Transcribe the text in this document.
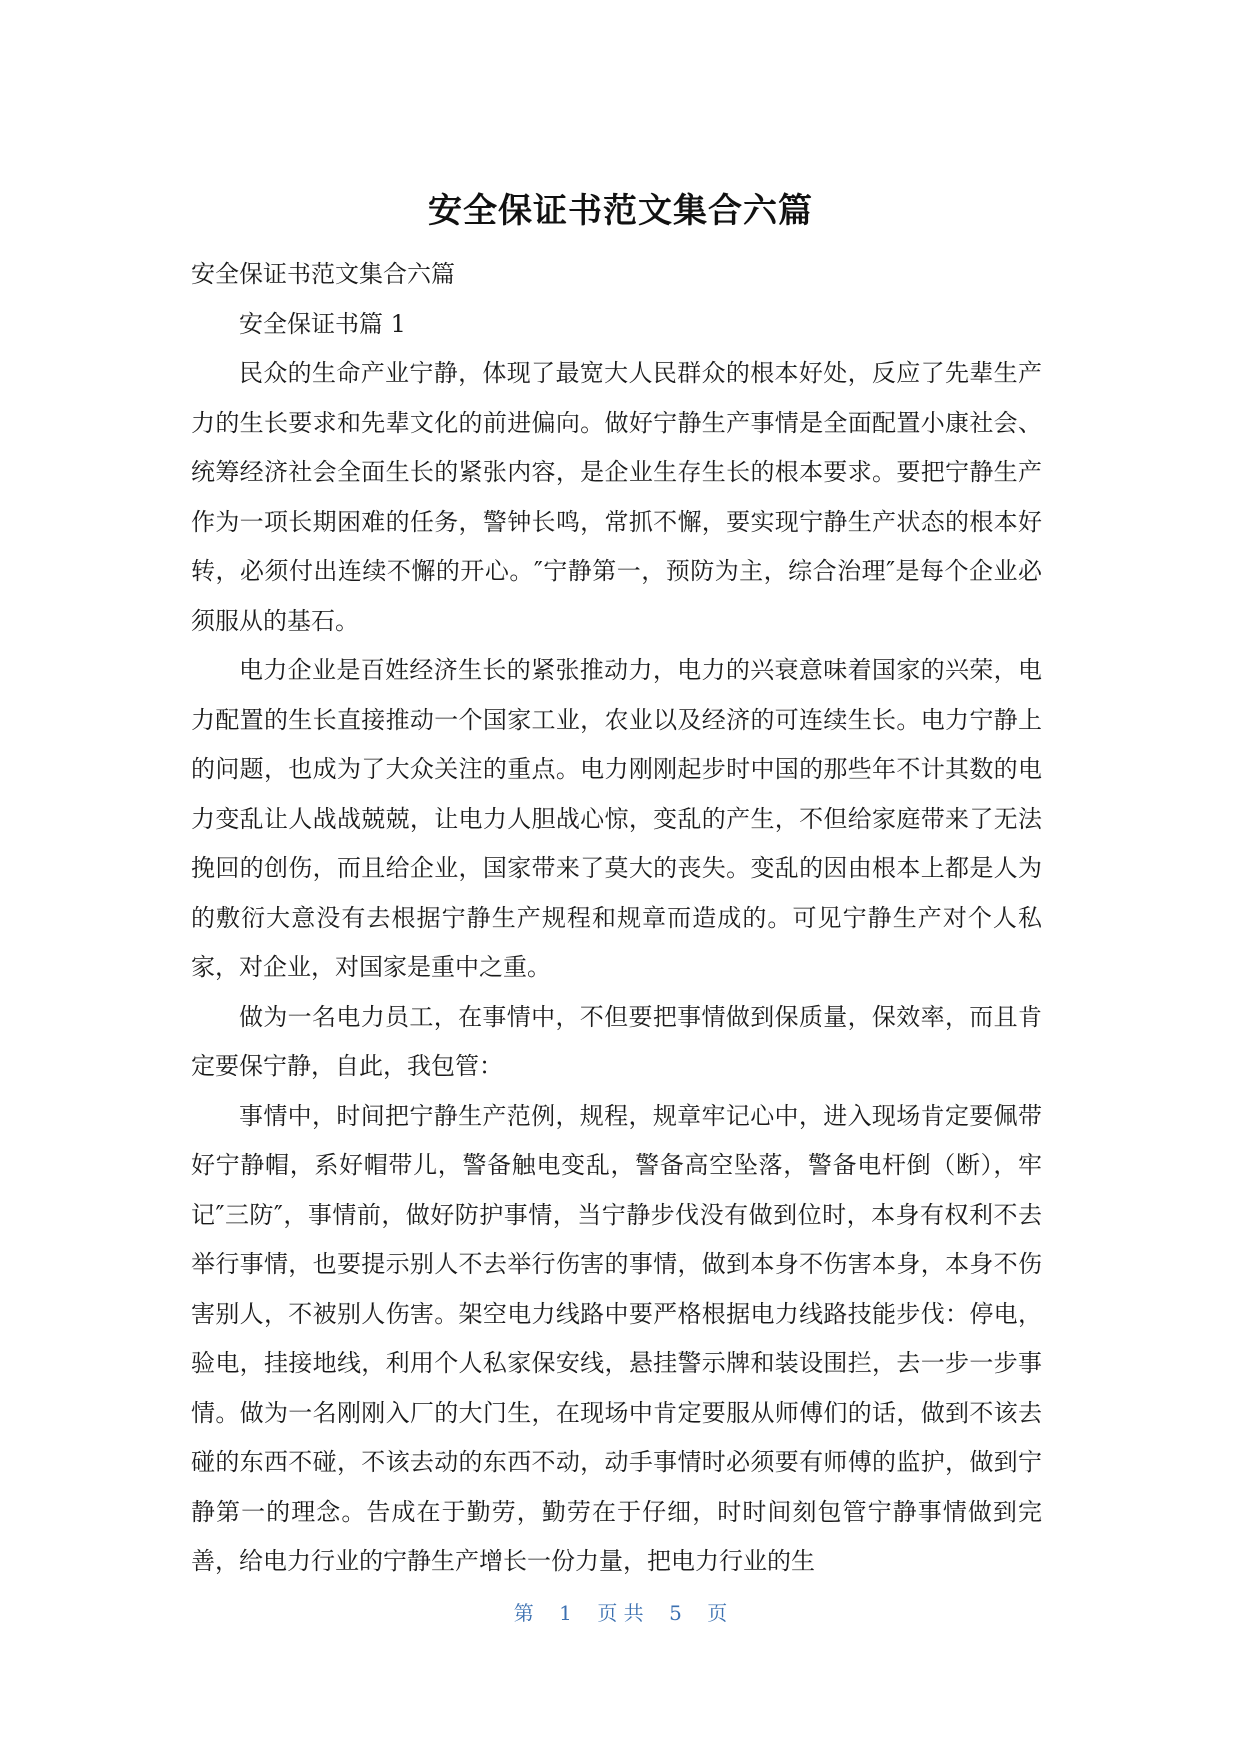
安全保证书范文集合六篇

安全保证书范文集合六篇

安全保证书篇 1

民众的生命产业宁静，体现了最宽大人民群众的根本好处，反应了先辈生产力的生长要求和先辈文化的前进偏向。做好宁静生产事情是全面配置小康社会、统筹经济社会全面生长的紧张内容，是企业生存生长的根本要求。要把宁静生产作为一项长期困难的任务，警钟长鸣，常抓不懈，要实现宁静生产状态的根本好转，必须付出连续不懈的开心。″宁静第一，预防为主，综合治理″是每个企业必须服从的基石。

电力企业是百姓经济生长的紧张推动力，电力的兴衰意味着国家的兴荣，电力配置的生长直接推动一个国家工业，农业以及经济的可连续生长。电力宁静上的问题，也成为了大众关注的重点。电力刚刚起步时中国的那些年不计其数的电力变乱让人战战兢兢，让电力人胆战心惊，变乱的产生，不但给家庭带来了无法挽回的创伤，而且给企业，国家带来了莫大的丧失。变乱的因由根本上都是人为的敷衍大意没有去根据宁静生产规程和规章而造成的。可见宁静生产对个人私家，对企业，对国家是重中之重。

做为一名电力员工，在事情中，不但要把事情做到保质量，保效率，而且肯定要保宁静，自此，我包管：

事情中，时间把宁静生产范例，规程，规章牢记心中，进入现场肯定要佩带好宁静帽，系好帽带儿，警备触电变乱，警备高空坠落，警备电杆倒（断），牢记″三防″，事情前，做好防护事情，当宁静步伐没有做到位时，本身有权利不去举行事情，也要提示别人不去举行伤害的事情，做到本身不伤害本身，本身不伤害别人，不被别人伤害。架空电力线路中要严格根据电力线路技能步伐：停电，验电，挂接地线，利用个人私家保安线，悬挂警示牌和装设围拦，去一步一步事情。做为一名刚刚入厂的大门生，在现场中肯定要服从师傅们的话，做到不该去碰的东西不碰，不该去动的东西不动，动手事情时必须要有师傅的监护，做到宁静第一的理念。告成在于勤劳，勤劳在于仔细，时时间刻包管宁静事情做到完善，给电力行业的宁静生产增长一份力量，把电力行业的生

第 1 页 共 5 页
